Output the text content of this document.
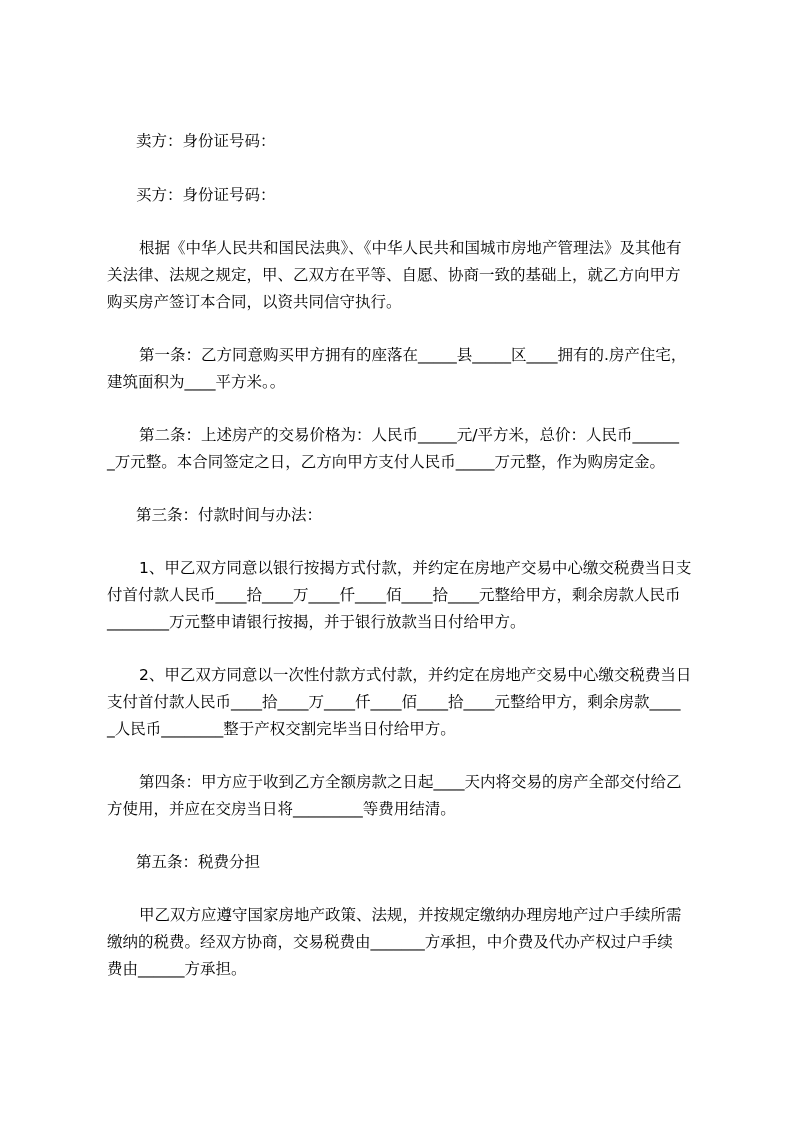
卖方：身份证号码：

买方：身份证号码：

根据《中华人民共和国民法典》、《中华人民共和国城市房地产管理法》及其他有

关法律、法规之规定，甲、乙双方在平等、自愿、协商一致的基础上，就乙方向甲方

购买房产签订本合同，以资共同信守执行。

第一条：乙方同意购买甲方拥有的座落在_____县_____区____拥有的.房产住宅，

建筑面积为____平方米。。

第二条：上述房产的交易价格为：人民币_____元/平方米，总价：人民币______

_万元整。本合同签定之日，乙方向甲方支付人民币_____万元整，作为购房定金。

第三条：付款时间与办法：

1、甲乙双方同意以银行按揭方式付款，并约定在房地产交易中心缴交税费当日支

付首付款人民币____拾____万____仟____佰____拾____元整给甲方，剩余房款人民币

________万元整申请银行按揭，并于银行放款当日付给甲方。

2、甲乙双方同意以一次性付款方式付款，并约定在房地产交易中心缴交税费当日

支付首付款人民币____拾____万____仟____佰____拾____元整给甲方，剩余房款____

_人民币________整于产权交割完毕当日付给甲方。

第四条：甲方应于收到乙方全额房款之日起____天内将交易的房产全部交付给乙

方使用，并应在交房当日将_________等费用结清。

第五条：税费分担

甲乙双方应遵守国家房地产政策、法规，并按规定缴纳办理房地产过户手续所需

缴纳的税费。经双方协商，交易税费由_______方承担，中介费及代办产权过户手续

费由______方承担。
